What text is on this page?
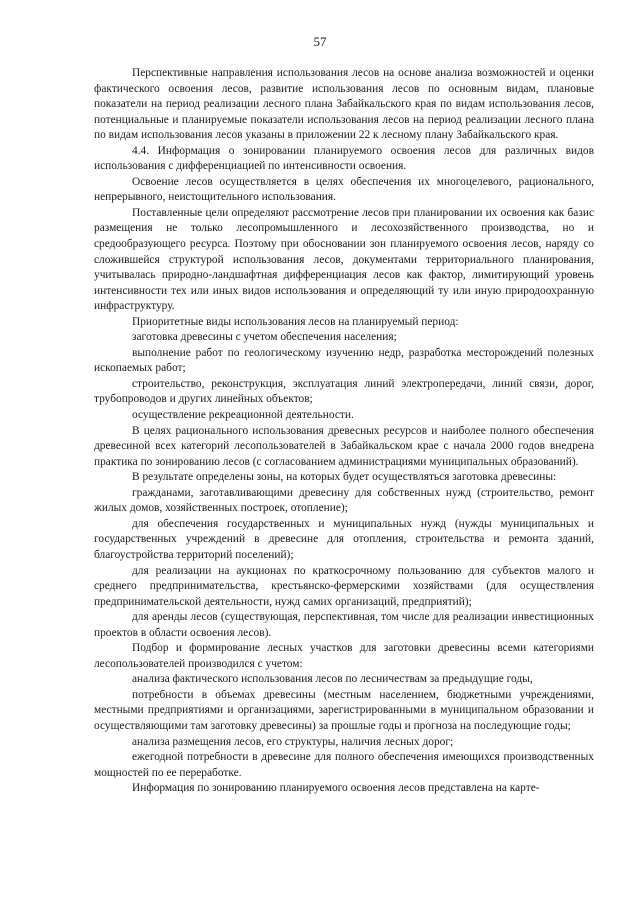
57

Перспективные направления использования лесов на основе анализа возможностей и оценки фактического освоения лесов, развитие использования лесов по основным видам, плановые показатели на период реализации лесного плана Забайкальского края по видам использования лесов, потенциальные и планируемые показатели использования лесов на период реализации лесного плана по видам использования лесов указаны в приложении 22 к лесному плану Забайкальского края.

4.4. Информация о зонировании планируемого освоения лесов для различных видов использования с дифференциацией по интенсивности освоения.

Освоение лесов осуществляется в целях обеспечения их многоцелевого, рационального, непрерывного, неистощительного использования.

Поставленные цели определяют рассмотрение лесов при планировании их освоения как базис размещения не только лесопромышленного и лесохозяйственного производства, но и средообразующего ресурса. Поэтому при обосновании зон планируемого освоения лесов, наряду со сложившейся структурой использования лесов, документами территориального планирования, учитывалась природно-ландшафтная дифференциация лесов как фактор, лимитирующий уровень интенсивности тех или иных видов использования и определяющий ту или иную природоохранную инфраструктуру.

Приоритетные виды использования лесов на планируемый период:

заготовка древесины с учетом обеспечения населения;

выполнение работ по геологическому изучению недр, разработка месторождений полезных ископаемых работ;

строительство, реконструкция, эксплуатация линий электропередачи, линий связи, дорог, трубопроводов и других линейных объектов;

осуществление рекреационной деятельности.

В целях рационального использования древесных ресурсов и наиболее полного обеспечения древесиной всех категорий лесопользователей в Забайкальском крае с начала 2000 годов внедрена практика по зонированию лесов (с согласованием администрациями муниципальных образований).

В результате определены зоны, на которых будет осуществляться заготовка древесины:

гражданами, заготавливающими древесину для собственных нужд (строительство, ремонт жилых домов, хозяйственных построек, отопление);

для обеспечения государственных и муниципальных нужд (нужды муниципальных и государственных учреждений в древесине для отопления, строительства и ремонта зданий, благоустройства территорий поселений);

для реализации на аукционах по краткосрочному пользованию для субъектов малого и среднего предпринимательства, крестьянско-фермерскими хозяйствами (для осуществления предпринимательской деятельности, нужд самих организаций, предприятий);

для аренды лесов (существующая, перспективная, том числе для реализации инвестиционных проектов в области освоения лесов).

Подбор и формирование лесных участков для заготовки древесины всеми категориями лесопользователей производился с учетом:

анализа фактического использования лесов по лесничествам за предыдущие годы,

потребности в объемах древесины (местным населением, бюджетными учреждениями, местными предприятиями и организациями, зарегистрированными в муниципальном образовании и осуществляющими там заготовку древесины) за прошлые годы и прогноза на последующие годы;

анализа размещения лесов, его структуры, наличия лесных дорог;

ежегодной потребности в древесине для полного обеспечения имеющихся производственных мощностей по ее переработке.

Информация по зонированию планируемого освоения лесов представлена на карте-
